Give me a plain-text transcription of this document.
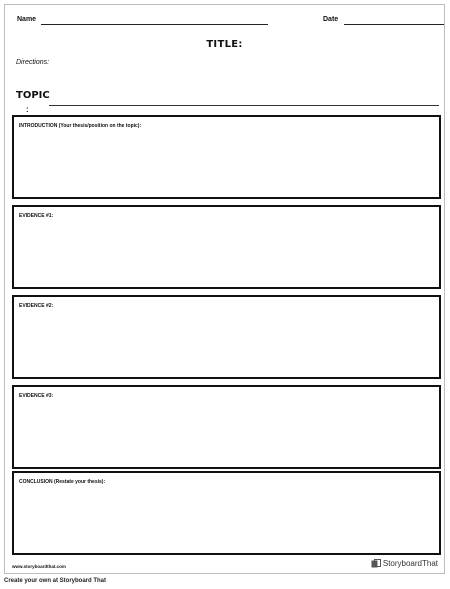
Name	Date
TITLE:
Directions:
TOPIC
:
INTRODUCTION (Your thesis/position on the topic):
EVIDENCE #1:
EVIDENCE #2:
EVIDENCE #3:
CONCLUSION (Restate your thesis):
www.storyboardthat.com	StoryboardThat
Create your own at Storyboard That
